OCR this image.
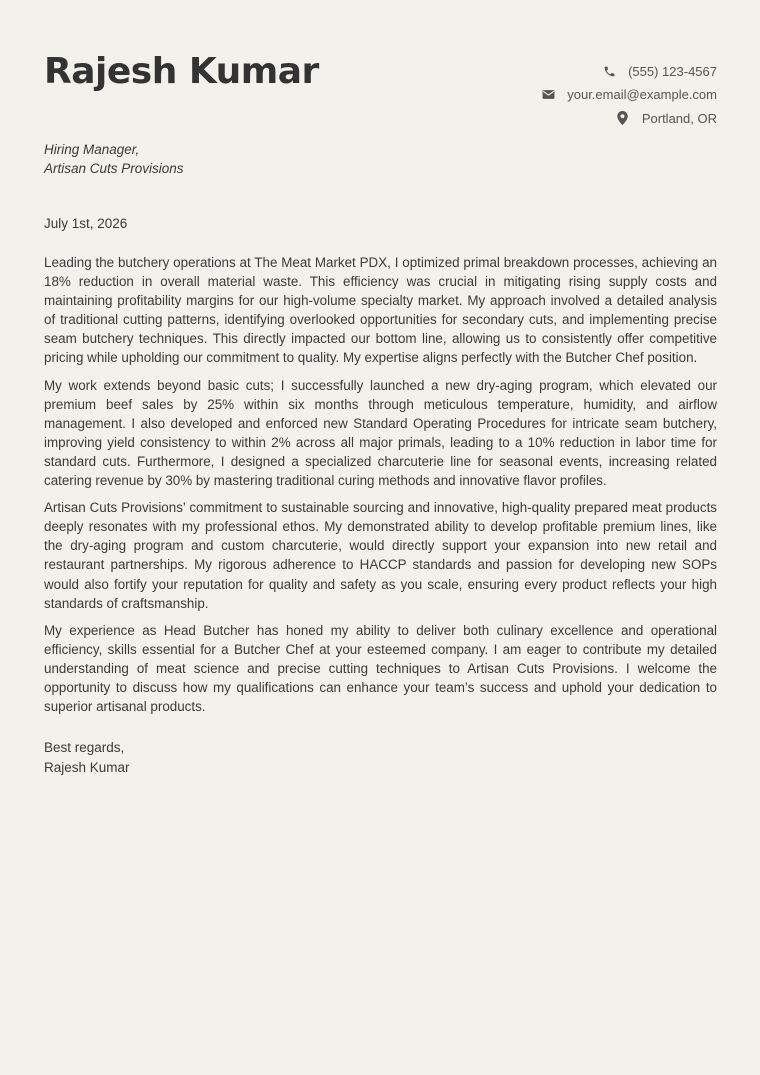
Rajesh Kumar	(555) 123-4567
your.email@example.com
Portland, OR
Hiring Manager,
Artisan Cuts Provisions
July 1st, 2026

Leading the butchery operations at The Meat Market PDX, I optimized primal breakdown processes, achieving an 18% reduction in overall material waste. This efficiency was crucial in mitigating rising supply costs and maintaining profitability margins for our high-volume specialty market. My approach involved a detailed analysis of traditional cutting patterns, identifying overlooked opportunities for secondary cuts, and implementing precise seam butchery techniques. This directly impacted our bottom line, allowing us to consistently offer competitive pricing while upholding our commitment to quality. My expertise aligns perfectly with the Butcher Chef position.

My work extends beyond basic cuts; I successfully launched a new dry-aging program, which elevated our premium beef sales by 25% within six months through meticulous temperature, humidity, and airflow management. I also developed and enforced new Standard Operating Procedures for intricate seam butchery, improving yield consistency to within 2% across all major primals, leading to a 10% reduction in labor time for standard cuts. Furthermore, I designed a specialized charcuterie line for seasonal events, increasing related catering revenue by 30% by mastering traditional curing methods and innovative flavor profiles.

Artisan Cuts Provisions’ commitment to sustainable sourcing and innovative, high-quality prepared meat products deeply resonates with my professional ethos. My demonstrated ability to develop profitable premium lines, like the dry-aging program and custom charcuterie, would directly support your expansion into new retail and restaurant partnerships. My rigorous adherence to HACCP standards and passion for developing new SOPs would also fortify your reputation for quality and safety as you scale, ensuring every product reflects your high standards of craftsmanship.

My experience as Head Butcher has honed my ability to deliver both culinary excellence and operational efficiency, skills essential for a Butcher Chef at your esteemed company. I am eager to contribute my detailed understanding of meat science and precise cutting techniques to Artisan Cuts Provisions. I welcome the opportunity to discuss how my qualifications can enhance your team’s success and uphold your dedication to superior artisanal products.

Best regards,
Rajesh Kumar
